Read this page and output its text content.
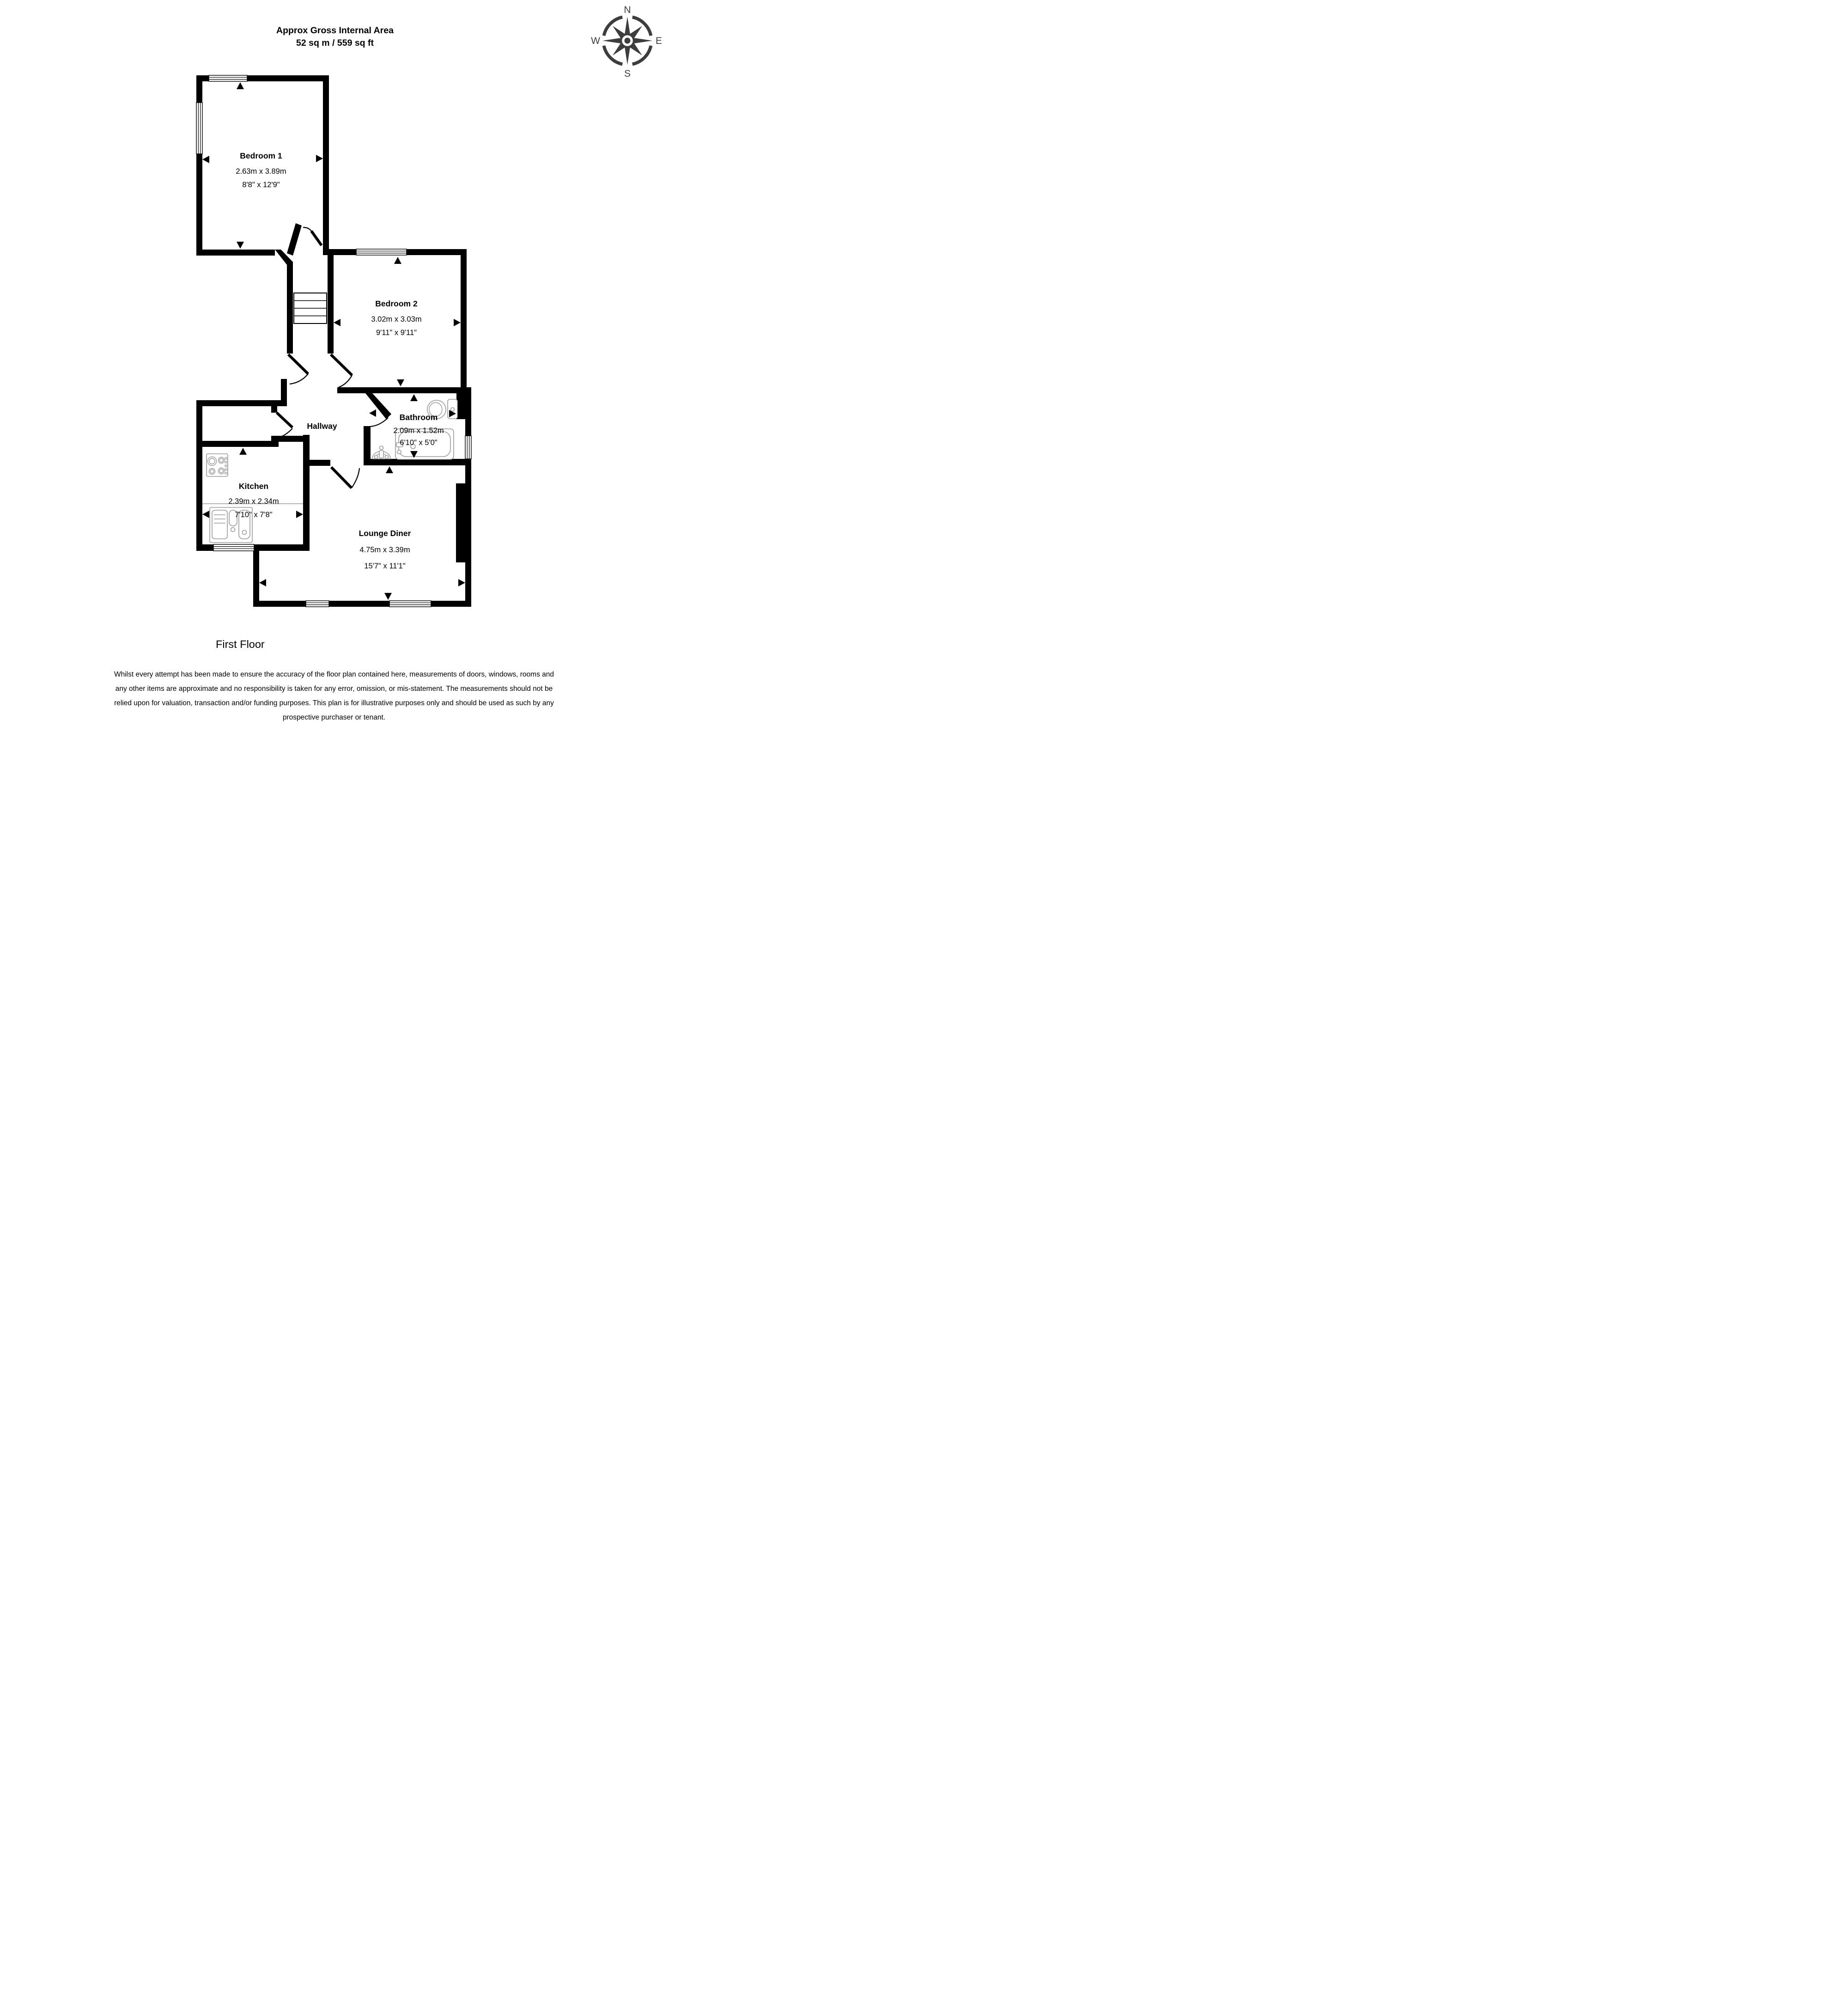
Approx Gross Internal Area
52 sq m / 559 sq ft
N
E
S
W
Bedroom 1
2.63m x 3.89m
8'8" x 12'9"
Bedroom 2
3.02m x 3.03m
9'11" x 9'11"
Bathroom
2.09m x 1.52m
6'10" x 5'0"
Hallway
Kitchen
2.39m x 2.34m
7'10" x 7'8"
Lounge Diner
4.75m x 3.39m
15'7" x 11'1"
First Floor
Whilst every attempt has been made to ensure the accuracy of the floor plan contained here, measurements of doors, windows, rooms and
any other items are approximate and no responsibility is taken for any error, omission, or mis-statement. The measurements should not be
relied upon for valuation, transaction and/or funding purposes. This plan is for illustrative purposes only and should be used as such by any
prospective purchaser or tenant.
